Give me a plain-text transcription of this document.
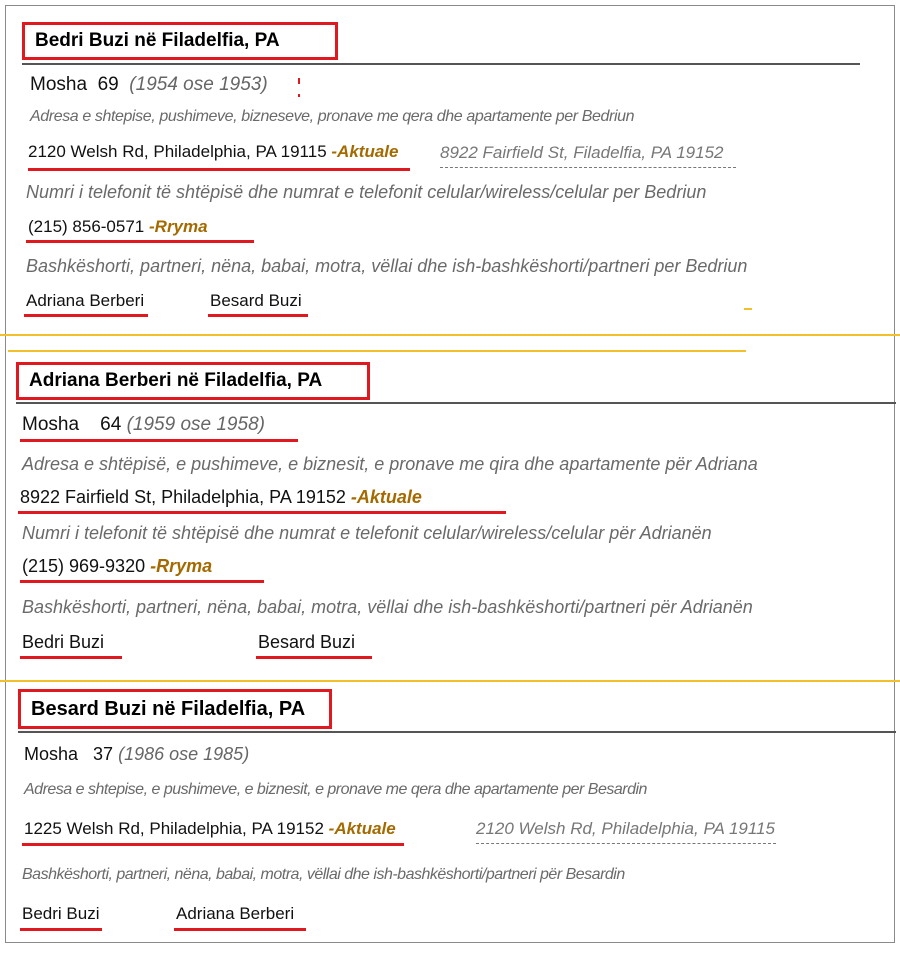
Bedri Buzi në Filadelfia, PA
Mosha 69 (1954 ose 1953)
Adresa e shtepise, pushimeve, bizneseve, pronave me qera dhe apartamente per Bedriun
2120 Welsh Rd, Philadelphia, PA 19115 -Aktuale 8922 Fairfield St, Filadelfia, PA 19152
Numri i telefonit të shtëpisë dhe numrat e telefonit celular/wireless/celular per Bedriun
(215) 856-0571 -Rryma
Bashkëshorti, partneri, nëna, babai, motra, vëllai dhe ish-bashkëshorti/partneri per Bedriun
Adriana Berberi	Besard Buzi
Adriana Berberi në Filadelfia, PA
Mosha 64 (1959 ose 1958)
Adresa e shtëpisë, e pushimeve, e biznesit, e pronave me qira dhe apartamente për Adriana
8922 Fairfield St, Philadelphia, PA 19152 -Aktuale
Numri i telefonit të shtëpisë dhe numrat e telefonit celular/wireless/celular për Adrianën
(215) 969-9320 -Rryma
Bashkëshorti, partneri, nëna, babai, motra, vëllai dhe ish-bashkëshorti/partneri për Adrianën
Bedri Buzi	Besard Buzi
Besard Buzi në Filadelfia, PA
Mosha 37 (1986 ose 1985)
Adresa e shtepise, e pushimeve, e biznesit, e pronave me qera dhe apartamente per Besardin
1225 Welsh Rd, Philadelphia, PA 19152 -Aktuale	2120 Welsh Rd, Philadelphia, PA 19115
Bashkëshorti, partneri, nëna, babai, motra, vëllai dhe ish-bashkëshorti/partneri për Besardin
Bedri Buzi	Adriana Berberi
